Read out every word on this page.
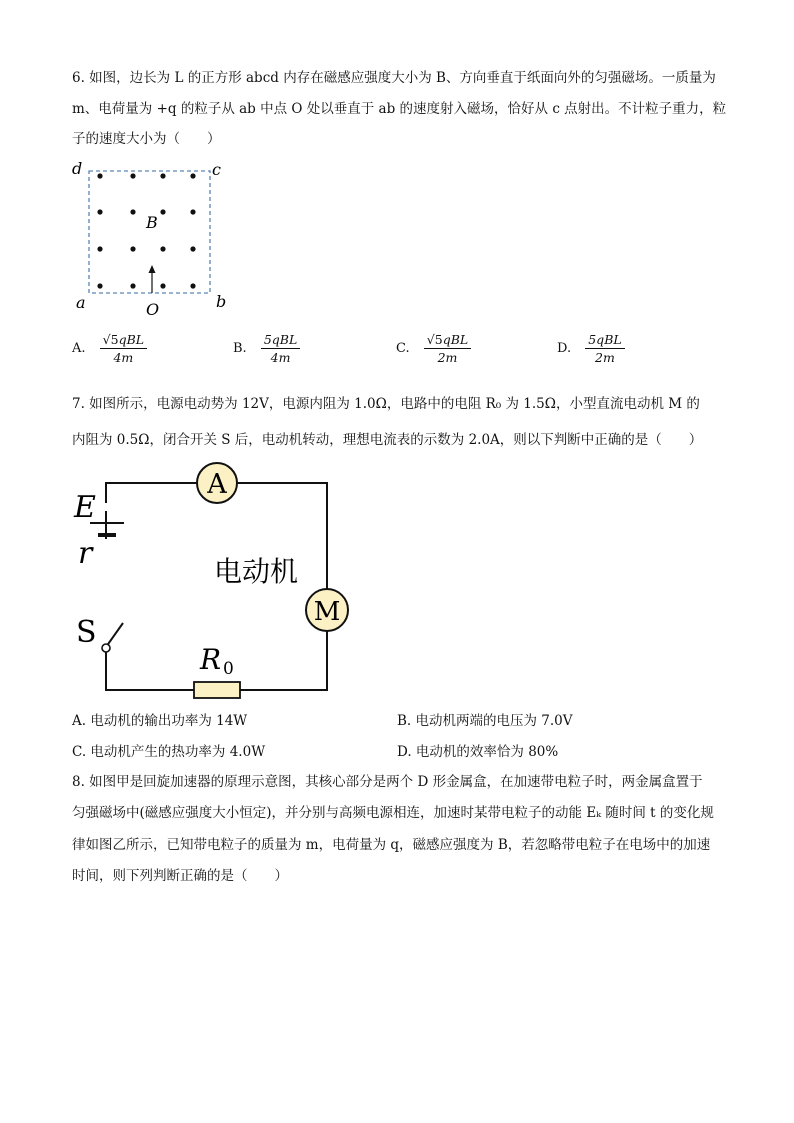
6. 如图，边长为 L 的正方形 abcd 内存在磁感应强度大小为 B、方向垂直于纸面向外的匀强磁场。一质量为
m、电荷量为 +q 的粒子从 ab 中点 O 处以垂直于 ab 的速度射入磁场，恰好从 c 点射出。不计粒子重力，粒
子的速度大小为（　　）
d	c
a	b
B
O
A. $\frac{\text{√5qBL}}{4m}$	B. $\frac{\text{5qBL}}{4m}$	C. $\frac{\text{√5qBL}}{2m}$	D. $\frac{\text{5qBL}}{2m}$
7. 如图所示，电源电动势为 12V，电源内阻为 1.0Ω，电路中的电阻 R₀ 为 1.5Ω，小型直流电动机 M 的
内阻为 0.5Ω，闭合开关 S 后，电动机转动，理想电流表的示数为 2.0A，则以下判断中正确的是（　　）
A
M
E
r
电动机
S
R 0
A. 电动机的输出功率为 14W	B. 电动机两端的电压为 7.0V
C. 电动机产生的热功率为 4.0W	D. 电动机的效率恰为 80%
8. 如图甲是回旋加速器的原理示意图，其核心部分是两个 D 形金属盒，在加速带电粒子时，两金属盒置于
匀强磁场中(磁感应强度大小恒定)，并分别与高频电源相连，加速时某带电粒子的动能 Eₖ 随时间 t 的变化规
律如图乙所示，已知带电粒子的质量为 m，电荷量为 q，磁感应强度为 B，若忽略带电粒子在电场中的加速
时间，则下列判断正确的是（　　）
